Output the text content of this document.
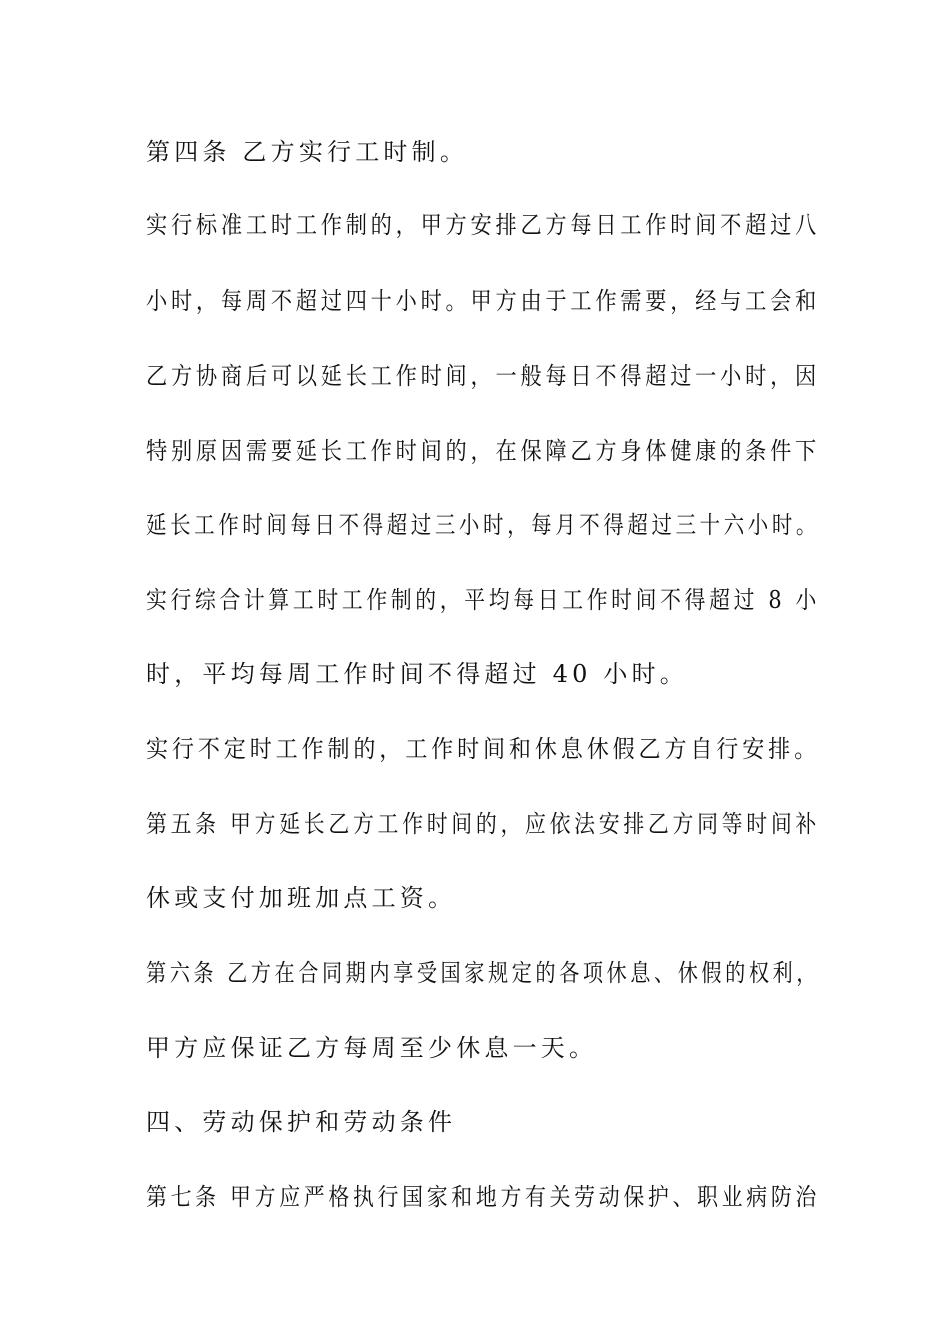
第四条 乙方实行工时制。
实行标准工时工作制的，甲方安排乙方每日工作时间不超过八
小时，每周不超过四十小时。甲方由于工作需要，经与工会和
乙方协商后可以延长工作时间，一般每日不得超过一小时，因
特别原因需要延长工作时间的，在保障乙方身体健康的条件下
延长工作时间每日不得超过三小时，每月不得超过三十六小时。
实行综合计算工时工作制的，平均每日工作时间不得超过 8 小
时，平均每周工作时间不得超过 40 小时。
实行不定时工作制的，工作时间和休息休假乙方自行安排。
第五条 甲方延长乙方工作时间的，应依法安排乙方同等时间补
休或支付加班加点工资。
第六条 乙方在合同期内享受国家规定的各项休息、休假的权利，
甲方应保证乙方每周至少休息一天。
四、劳动保护和劳动条件
第七条 甲方应严格执行国家和地方有关劳动保护、职业病防治
